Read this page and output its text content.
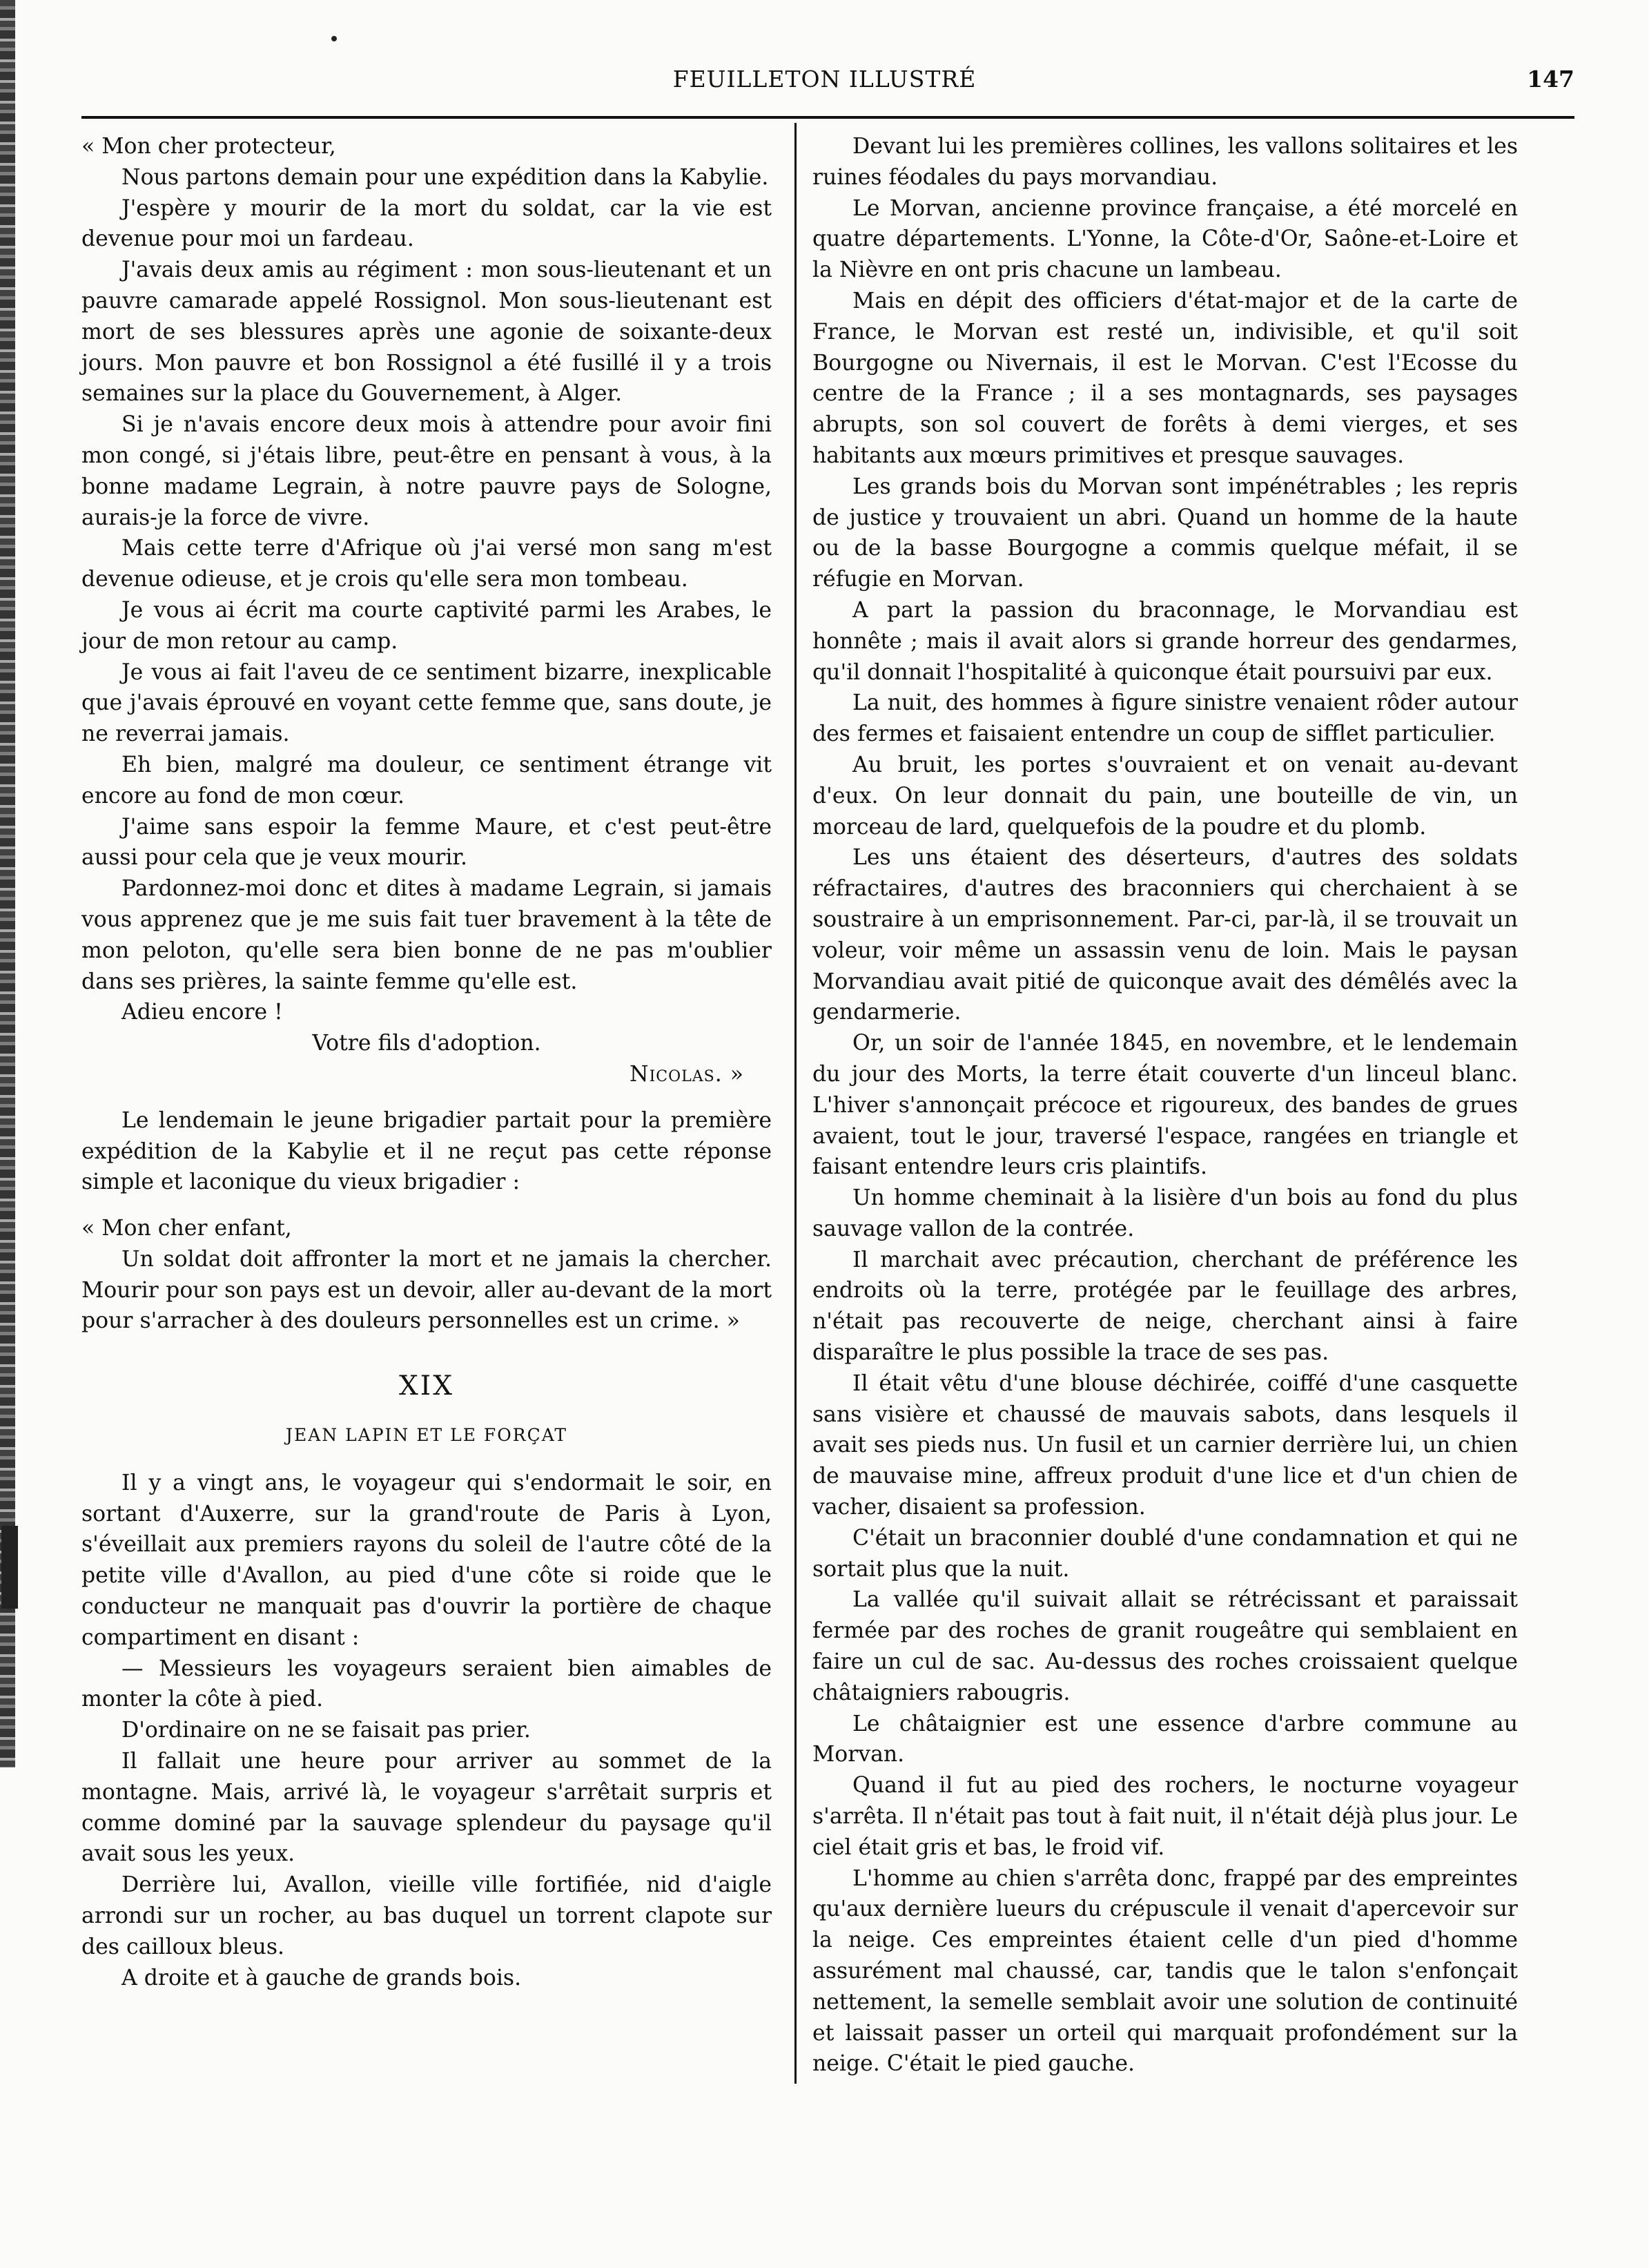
FEUILLETON ILLUSTRÉ	147

« Mon cher protecteur,

Nous partons demain pour une expédition dans la Kabylie.

J'espère y mourir de la mort du soldat, car la vie est devenue pour moi un fardeau.

J'avais deux amis au régiment : mon sous-lieutenant et un pauvre camarade appelé Rossignol. Mon sous-lieutenant est mort de ses blessures après une agonie de soixante-deux jours. Mon pauvre et bon Rossignol a été fusillé il y a trois semaines sur la place du Gouvernement, à Alger.

Si je n'avais encore deux mois à attendre pour avoir fini mon congé, si j'étais libre, peut-être en pensant à vous, à la bonne madame Legrain, à notre pauvre pays de Sologne, aurais-je la force de vivre.

Mais cette terre d'Afrique où j'ai versé mon sang m'est devenue odieuse, et je crois qu'elle sera mon tombeau.

Je vous ai écrit ma courte captivité parmi les Arabes, le jour de mon retour au camp.

Je vous ai fait l'aveu de ce sentiment bizarre, inexplicable que j'avais éprouvé en voyant cette femme que, sans doute, je ne reverrai jamais.

Eh bien, malgré ma douleur, ce sentiment étrange vit encore au fond de mon cœur.

J'aime sans espoir la femme Maure, et c'est peut-être aussi pour cela que je veux mourir.

Pardonnez-moi donc et dites à madame Legrain, si jamais vous apprenez que je me suis fait tuer bravement à la tête de mon peloton, qu'elle sera bien bonne de ne pas m'oublier dans ses prières, la sainte femme qu'elle est.

Adieu encore !

Votre fils d'adoption.

Nicolas. »

Le lendemain le jeune brigadier partait pour la première expédition de la Kabylie et il ne reçut pas cette réponse simple et laconique du vieux brigadier :

« Mon cher enfant,

Un soldat doit affronter la mort et ne jamais la chercher. Mourir pour son pays est un devoir, aller au-devant de la mort pour s'arracher à des douleurs personnelles est un crime. »

XIX
JEAN LAPIN ET LE FORÇAT

Il y a vingt ans, le voyageur qui s'endormait le soir, en sortant d'Auxerre, sur la grand'route de Paris à Lyon, s'éveillait aux premiers rayons du soleil de l'autre côté de la petite ville d'Avallon, au pied d'une côte si roide que le conducteur ne manquait pas d'ouvrir la portière de chaque compartiment en disant :

— Messieurs les voyageurs seraient bien aimables de monter la côte à pied.

D'ordinaire on ne se faisait pas prier.

Il fallait une heure pour arriver au sommet de la montagne. Mais, arrivé là, le voyageur s'arrêtait surpris et comme dominé par la sauvage splendeur du paysage qu'il avait sous les yeux.

Derrière lui, Avallon, vieille ville fortifiée, nid d'aigle arrondi sur un rocher, au bas duquel un torrent clapote sur des cailloux bleus.

A droite et à gauche de grands bois.

Devant lui les premières collines, les vallons solitaires et les ruines féodales du pays morvandiau.

Le Morvan, ancienne province française, a été morcelé en quatre départements. L'Yonne, la Côte-d'Or, Saône-et-Loire et la Nièvre en ont pris chacune un lambeau.

Mais en dépit des officiers d'état-major et de la carte de France, le Morvan est resté un, indivisible, et qu'il soit Bourgogne ou Nivernais, il est le Morvan. C'est l'Ecosse du centre de la France ; il a ses montagnards, ses paysages abrupts, son sol couvert de forêts à demi vierges, et ses habitants aux mœurs primitives et presque sauvages.

Les grands bois du Morvan sont impénétrables ; les repris de justice y trouvaient un abri. Quand un homme de la haute ou de la basse Bourgogne a commis quelque méfait, il se réfugie en Morvan.

A part la passion du braconnage, le Morvandiau est honnête ; mais il avait alors si grande horreur des gendarmes, qu'il donnait l'hospitalité à quiconque était poursuivi par eux.

La nuit, des hommes à figure sinistre venaient rôder autour des fermes et faisaient entendre un coup de sifflet particulier.

Au bruit, les portes s'ouvraient et on venait au-devant d'eux. On leur donnait du pain, une bouteille de vin, un morceau de lard, quelquefois de la poudre et du plomb.

Les uns étaient des déserteurs, d'autres des soldats réfractaires, d'autres des braconniers qui cherchaient à se soustraire à un emprisonnement. Par-ci, par-là, il se trouvait un voleur, voir même un assassin venu de loin. Mais le paysan Morvandiau avait pitié de quiconque avait des démêlés avec la gendarmerie.

Or, un soir de l'année 1845, en novembre, et le lendemain du jour des Morts, la terre était couverte d'un linceul blanc. L'hiver s'annonçait précoce et rigoureux, des bandes de grues avaient, tout le jour, traversé l'espace, rangées en triangle et faisant entendre leurs cris plaintifs.

Un homme cheminait à la lisière d'un bois au fond du plus sauvage vallon de la contrée.

Il marchait avec précaution, cherchant de préférence les endroits où la terre, protégée par le feuillage des arbres, n'était pas recouverte de neige, cherchant ainsi à faire disparaître le plus possible la trace de ses pas.

Il était vêtu d'une blouse déchirée, coiffé d'une casquette sans visière et chaussé de mauvais sabots, dans lesquels il avait ses pieds nus. Un fusil et un carnier derrière lui, un chien de mauvaise mine, affreux produit d'une lice et d'un chien de vacher, disaient sa profession.

C'était un braconnier doublé d'une condamnation et qui ne sortait plus que la nuit.

La vallée qu'il suivait allait se rétrécissant et paraissait fermée par des roches de granit rougeâtre qui semblaient en faire un cul de sac. Au-dessus des roches croissaient quelque châtaigniers rabougris.

Le châtaignier est une essence d'arbre commune au Morvan.

Quand il fut au pied des rochers, le nocturne voyageur s'arrêta. Il n'était pas tout à fait nuit, il n'était déjà plus jour. Le ciel était gris et bas, le froid vif.

L'homme au chien s'arrêta donc, frappé par des empreintes qu'aux dernière lueurs du crépuscule il venait d'apercevoir sur la neige. Ces empreintes étaient celle d'un pied d'homme assurément mal chaussé, car, tandis que le talon s'enfonçait nettement, la semelle semblait avoir une solution de continuité et laissait passer un orteil qui marquait profondément sur la neige. C'était le pied gauche.
